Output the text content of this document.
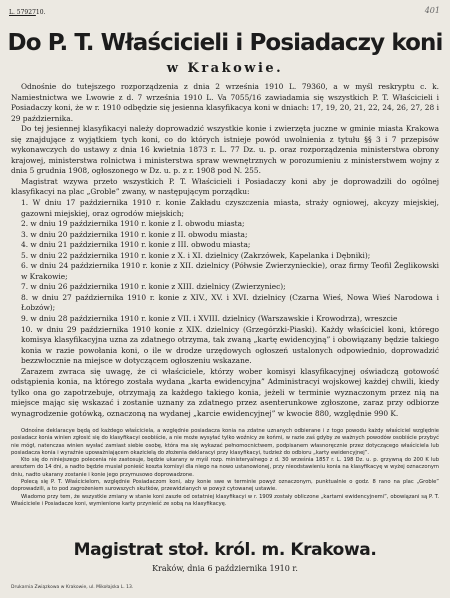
L. 5792710.	401
Do P. T. Właścicieli i Posiadaczy koni
w Krakowie.

Odnośnie do tutejszego rozporządzenia z dnia 2 września 1910 L. 79360, a w myśl reskryptu c. k. Namiestnictwa we Lwowie z d. 7 września 1910 L. Va 7055/16 zawiadamia się wszystkich P. T. Właścicieli i Posiadaczy koni, że w r. 1910 odbędzie się jesienna klasyfikacya koni w dniach: 17, 19, 20, 21, 22, 24, 26, 27, 28 i 29 października.

Do tej jesiennej klasyfikacyi należy doprowadzić wszystkie konie i zwierzęta juczne w gminie miasta Krakowa się znajdujące z wyjątkiem tych koni, co do których istnieje powód uwolnienia z tytułu §§ 3 i 7 przepisów wykonawczych do ustawy z dnia 16 kwietnia 1873 r. L. 77 Dz. u. p. oraz rozporządzenia ministerstwa obrony krajowej, ministerstwa rolnictwa i ministerstwa spraw wewnętrznych w porozumieniu z ministerstwem wojny z dnia 5 grudnia 1908, ogłoszonego w Dz. u. p. z r. 1908 pod N. 255.

Magistrat wzywa przeto wszystkich P. T. Właścicieli i Posiadaczy koni aby je doprowadzili do ogólnej klasyfikacyi na plac „Groble” zwany, w następującym porządku:

1. W dniu 17 października 1910 r. konie Zakładu czyszczenia miasta, straży ogniowej, akcyzy miejskiej, gazowni miejskiej, oraz ogrodów miejskich;

2. w dniu 19 października 1910 r. konie z I. obwodu miasta;

3. w dniu 20 października 1910 r. konie z II. obwodu miasta;

4. w dniu 21 października 1910 r. konie z III. obwodu miasta;

5. w dniu 22 października 1910 r. konie z X. i XI. dzielnicy (Zakrzówek, Kapelanka i Dębniki);

6. w dniu 24 października 1910 r. konie z XII. dzielnicy (Półwsie Zwierzynieckie), oraz firmy Teofil Żeglikowski w Krakowie;

7. w dniu 26 października 1910 r. konie z XIII. dzielnicy (Zwierzyniec);

8. w dniu 27 października 1910 r. konie z XIV., XV. i XVI. dzielnicy (Czarna Wieś, Nowa Wieś Narodowa i Łobzów);

9. w dniu 28 października 1910 r. konie z VII. i XVIII. dzielnicy (Warszawskie i Krowodrza), wreszcie

10. w dniu 29 października 1910 konie z XIX. dzielnicy (Grzegórzki-Piaski). Każdy właściciel koni, którego komisya klasyfikacyjna uzna za zdatnego otrzyma, tak zwaną „kartę ewidencyjną” i obowiązany będzie takiego konia w razie powołania koni, o ile w drodze urzędowych ogłoszeń ustalonych odpowiednio, doprowadzić bezzwłocznie na miejsce w dotyczącem ogłoszeniu wskazane.

Zarazem zwraca się uwagę, że ci właściciele, którzy wober komisyi klasyfikacyjnej oświadczą gotowość odstąpienia konia, na którego została wydana „karta ewidencyjna” Administracyi wojskowej każdej chwili, kiedy tylko ona go zapotrzebuje, otrzymają za każdego takiego konia, jeżeli w terminie wyznaczonym przez nią na miejsce mając się wskazać i zostanie uznany za zdatnego przez asenterunkowe zgłoszone, zaraz przy odbiorze wynagrodzenie gotówką, oznaczoną na wydanej „karcie ewidencyjnej” w kwocie 880, względnie 990 K.

Odnośne deklaracye będą od każdego właściciela, a względnie posiadacza konia na zdatne uznanych odbierane i z togo powodu każdy właściciel względnie posiadacz konia winien zgłosić się do klasyfikacyi osobiście, a nie może wysyłać tylko woźnicy ze końmi, w razie zaś gdyby ze ważnych powodów osobiście przybyć nie mógł, natenczas winien wysłać zamiast siebie osobę, która ma się wykazać pełnomocnictwem, podpisanem własnoręcznie przez dotyczącego właściciela lub posiadacza konia i wyraźnie upoważniającem okazicielą do złożenia deklaracyi przy klasyfikacyi, tudzież do odbioru „karty ewidencyjnej”.

Kto się do niniejszego polecenia nie zastosuje, będzie ukarany w myśl rozp. ministeryalnego z d. 30 września 1857 r. L. 198 Dz. u. p. grzywną do 200 K lub aresztem do 14 dni, a nadto będzie musiał ponieść koszta komisyi dla niego na nowo ustanowionej, przy nieodstawieniu konia na klasyfikacyę w wyżej oznaczonym dniu, nadto ukarany zostanie i konie jego przymusowo doprowadzone.

Polecą się P. T. Właścicielom, względnie Posiadaczom koni, aby konie swe w terminie powyż oznaczonym, punktualnie o godz. 8 rano na plac „Groble” doprowadzili, a to pod zagrożeniem surowszych skutków, przewidzianych w powyż cytowanej ustawie.

Wiadomo przy tem, że wszystkie zmiany w stanie koni zaszłe od ostatniej klasyfikacyi w r. 1909 zostały obliczone „kartami ewidencyjnemi”, obowiązani są P. T. Właściciele i Posiadacze koni, wymienione karty przynieść ze sobą na klasyfikacyę.

Magistrat stoł. król. m. Krakowa.
Kraków, dnia 6 października 1910 r.
Drukarnia Związkowa w Krakowie, ul. Mikołajska L. 13.
